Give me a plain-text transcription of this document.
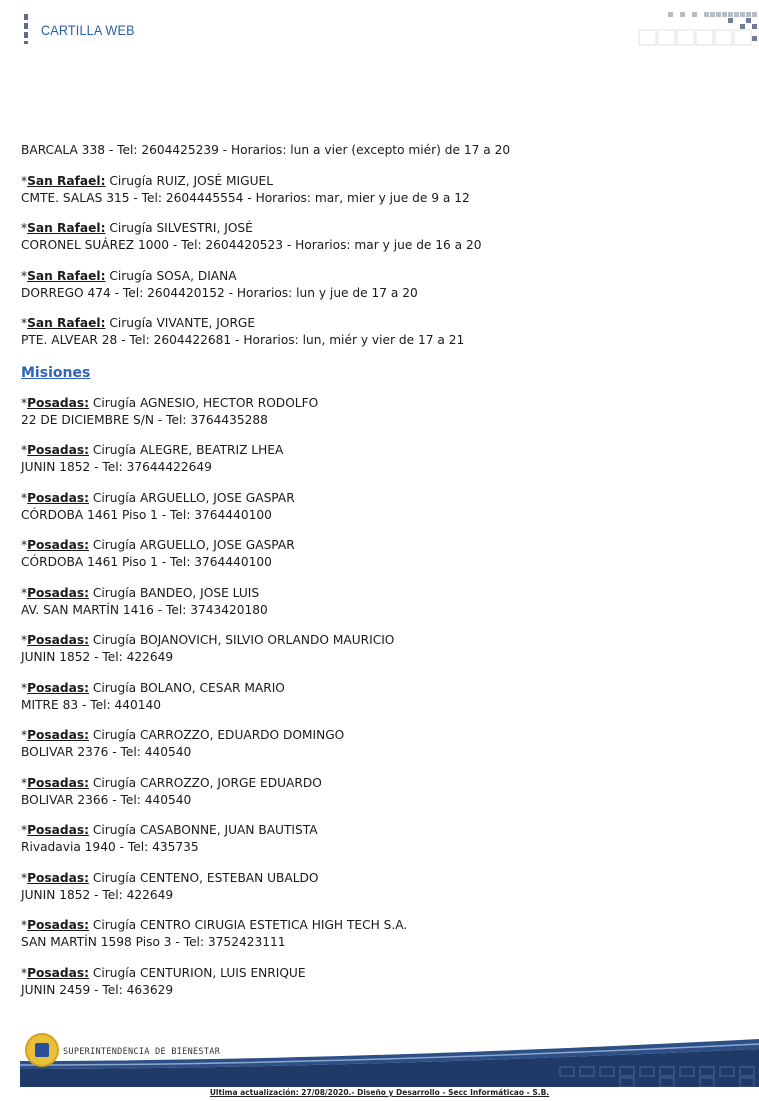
CARTILLA WEB
BARCALA 338 - Tel: 2604425239 - Horarios: lun a vier (excepto miér) de 17 a 20
*San Rafael: Cirugía RUIZ, JOSÉ MIGUEL
CMTE. SALAS 315 - Tel: 2604445554 - Horarios: mar, mier y jue de 9 a 12
*San Rafael: Cirugía SILVESTRI, JOSÉ
CORONEL SUÁREZ 1000 - Tel: 2604420523 - Horarios: mar y jue de 16 a 20
*San Rafael: Cirugía SOSA, DIANA
DORREGO 474 - Tel: 2604420152 - Horarios: lun y jue de 17 a 20
*San Rafael: Cirugía VIVANTE, JORGE
PTE. ALVEAR 28 - Tel: 2604422681 - Horarios: lun, miér y vier de 17 a 21
Misiones
*Posadas: Cirugía AGNESIO, HECTOR RODOLFO
22 DE DICIEMBRE S/N - Tel: 3764435288
*Posadas: Cirugía ALEGRE, BEATRIZ LHEA
JUNIN 1852 - Tel: 37644422649
*Posadas: Cirugía ARGUELLO, JOSE GASPAR
CÓRDOBA 1461 Piso 1 - Tel: 3764440100
*Posadas: Cirugía ARGUELLO, JOSE GASPAR
CÓRDOBA 1461 Piso 1 - Tel: 3764440100
*Posadas: Cirugía BANDEO, JOSE LUIS
AV. SAN MARTÍN 1416 - Tel: 3743420180
*Posadas: Cirugía BOJANOVICH, SILVIO ORLANDO MAURICIO
JUNIN 1852 - Tel: 422649
*Posadas: Cirugía BOLANO, CESAR MARIO
MITRE 83 - Tel: 440140
*Posadas: Cirugía CARROZZO, EDUARDO DOMINGO
BOLIVAR 2376 - Tel: 440540
*Posadas: Cirugía CARROZZO, JORGE EDUARDO
BOLIVAR 2366 - Tel: 440540
*Posadas: Cirugía CASABONNE, JUAN BAUTISTA
Rivadavia 1940 - Tel: 435735
*Posadas: Cirugía CENTENO, ESTEBAN UBALDO
JUNIN 1852 - Tel: 422649
*Posadas: Cirugía CENTRO CIRUGIA ESTETICA HIGH TECH S.A.
SAN MARTÍN 1598 Piso 3 - Tel: 3752423111
*Posadas: Cirugía CENTURION, LUIS ENRIQUE
JUNIN 2459 - Tel: 463629
SUPERINTENDENCIA DE BIENESTAR
Ultima actualización: 27/08/2020.- Diseño y Desarrollo - Secc Informáticao - S.B.
